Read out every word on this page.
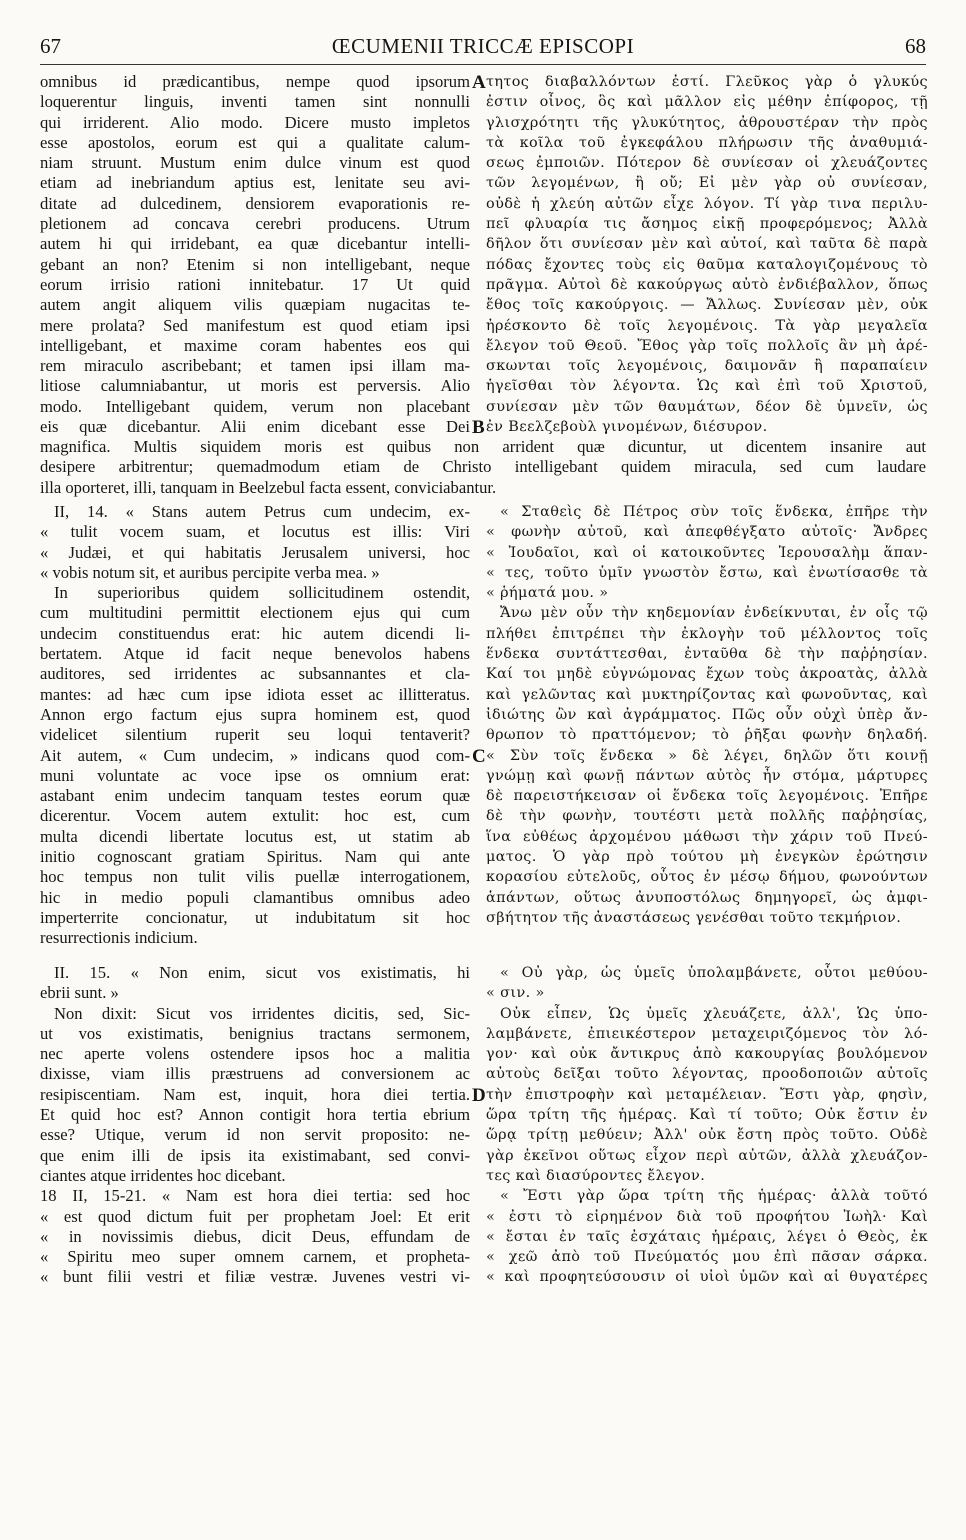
67	ŒCUMENII TRICCÆ EPISCOPI	68
omnibus id prædicantibus, nempe quod ipsorum
loquerentur linguis, inventi tamen sint nonnulli
qui irriderent. Alio modo. Dicere musto impletos
esse apostolos, eorum est qui a qualitate calum-
niam struunt. Mustum enim dulce vinum est quod
etiam ad inebriandum aptius est, lenitate seu avi-
ditate ad dulcedinem, densiorem evaporationis re-
pletionem ad concava cerebri producens. Utrum
autem hi qui irridebant, ea quæ dicebantur intelli-
gebant an non? Etenim si non intelligebant, neque
eorum irrisio rationi innitebatur. 17 Ut quid
autem angit aliquem vilis quæpiam nugacitas te-
mere prolata? Sed manifestum est quod etiam ipsi
intelligebant, et maxime coram habentes eos qui
rem miraculo ascribebant; et tamen ipsi illam ma-
litiose calumniabantur, ut moris est perversis. Alio
modo. Intelligebant quidem, verum non placebant
eis quæ dicebantur. Alii enim dicebant esse Dei
τητος διαβαλλόντων ἐστί. Γλεῦκος γὰρ ὁ γλυκύς
ἐστιν οἶνος, ὃς καὶ μᾶλλον εἰς μέθην ἐπίφορος, τῇ
γλισχρότητι τῆς γλυκύτητος, ἀθρουστέραν τὴν πρὸς
τὰ κοῖλα τοῦ ἐγκεφάλου πλήρωσιν τῆς ἀναθυμιά-
σεως ἐμποιῶν. Πότερον δὲ συνίεσαν οἱ χλευάζοντες
τῶν λεγομένων, ἢ οὔ; Εἰ μὲν γὰρ οὐ συνίεσαν,
οὐδὲ ἡ χλεύη αὐτῶν εἶχε λόγον. Τί γὰρ τινα περιλυ-
πεῖ φλυαρία τις ἄσημος εἰκῇ προφερόμενος; Ἀλλὰ
δῆλον ὅτι συνίεσαν μὲν καὶ αὐτοί, καὶ ταῦτα δὲ παρὰ
πόδας ἔχοντες τοὺς εἰς θαῦμα καταλογιζομένους τὸ
πρᾶγμα. Αὐτοὶ δὲ κακούργως αὐτὸ ἐνδιέβαλλον, ὅπως
ἔθος τοῖς κακούργοις. — Ἄλλως. Συνίεσαν μὲν, οὐκ
ἠρέσκοντο δὲ τοῖς λεγομένοις. Τὰ γὰρ μεγαλεῖα
ἔλεγον τοῦ Θεοῦ. Ἔθος γὰρ τοῖς πολλοῖς ἂν μὴ ἀρέ-
σκωνται τοῖς λεγομένοις, δαιμονᾶν ἢ παραπαίειν
ἡγεῖσθαι τὸν λέγοντα. Ὡς καὶ ἐπὶ τοῦ Χριστοῦ,
συνίεσαν μὲν τῶν θαυμάτων, δέον δὲ ὑμνεῖν, ὡς
ἐν Βεελζεβοὺλ γινομένων, διέσυρον.
magnifica. Multis siquidem moris est quibus non arrident quæ dicuntur, ut dicentem insanire aut
desipere arbitrentur; quemadmodum etiam de Christo intelligebant quidem miracula, sed cum laudare
illa oporteret, illi, tanquam in Beelzebul facta essent, conviciabantur.
II, 14. « Stans autem Petrus cum undecim, ex-
« tulit vocem suam, et locutus est illis: Viri
« Judæi, et qui habitatis Jerusalem universi, hoc
« vobis notum sit, et auribus percipite verba mea. »
In superioribus quidem sollicitudinem ostendit,
cum multitudini permittit electionem ejus qui cum
undecim constituendus erat: hic autem dicendi li-
bertatem. Atque id facit neque benevolos habens
auditores, sed irridentes ac subsannantes et cla-
mantes: ad hæc cum ipse idiota esset ac illitteratus.
Annon ergo factum ejus supra hominem est, quod
videlicet silentium ruperit seu loqui tentaverit?
Ait autem, « Cum undecim, » indicans quod com-
muni voluntate ac voce ipse os omnium erat:
astabant enim undecim tanquam testes eorum quæ
dicerentur. Vocem autem extulit: hoc est, cum
multa dicendi libertate locutus est, ut statim ab
initio cognoscant gratiam Spiritus. Nam qui ante
hoc tempus non tulit vilis puellæ interrogationem,
hic in medio populi clamantibus omnibus adeo
imperterrite concionatur, ut indubitatum sit hoc
resurrectionis indicium.
« Σταθεὶς δὲ Πέτρος σὺν τοῖς ἕνδεκα, ἐπῆρε τὴν
« φωνὴν αὐτοῦ, καὶ ἀπεφθέγξατο αὐτοῖς· Ἄνδρες
« Ἰουδαῖοι, καὶ οἱ κατοικοῦντες Ἱερουσαλὴμ ἅπαν-
« τες, τοῦτο ὑμῖν γνωστὸν ἔστω, καὶ ἐνωτίσασθε τὰ
« ῥήματά μου. »
Ἄνω μὲν οὖν τὴν κηδεμονίαν ἐνδείκνυται, ἐν οἷς τῷ
πλήθει ἐπιτρέπει τὴν ἐκλογὴν τοῦ μέλλοντος τοῖς
ἕνδεκα συντάττεσθαι, ἐνταῦθα δὲ τὴν παῤῥησίαν.
Καί τοι μηδὲ εὐγνώμονας ἔχων τοὺς ἀκροατὰς, ἀλλὰ
καὶ γελῶντας καὶ μυκτηρίζοντας καὶ φωνοῦντας, καὶ
ἰδιώτης ὢν καὶ ἀγράμματος. Πῶς οὖν οὐχὶ ὑπὲρ ἄν-
θρωπον τὸ πραττόμενον; τὸ ῥῆξαι φωνὴν δηλαδή.
« Σὺν τοῖς ἕνδεκα » δὲ λέγει, δηλῶν ὅτι κοινῇ
γνώμῃ καὶ φωνῇ πάντων αὐτὸς ἦν στόμα, μάρτυρες
δὲ παρειστήκεισαν οἱ ἕνδεκα τοῖς λεγομένοις. Ἐπῆρε
δὲ τὴν φωνὴν, τουτέστι μετὰ πολλῆς παῤῥησίας,
ἵνα εὐθέως ἀρχομένου μάθωσι τὴν χάριν τοῦ Πνεύ-
ματος. Ὁ γὰρ πρὸ τούτου μὴ ἐνεγκὼν ἐρώτησιν
κορασίου εὐτελοῦς, οὗτος ἐν μέσῳ δήμου, φωνούντων
ἁπάντων, οὕτως ἀνυποστόλως δημηγορεῖ, ὡς ἀμφι-
σβήτητον τῆς ἀναστάσεως γενέσθαι τοῦτο τεκμήριον.
II. 15. « Non enim, sicut vos existimatis, hi
ebrii sunt. »
Non dixit: Sicut vos irridentes dicitis, sed, Sic-
ut vos existimatis, benignius tractans sermonem,
nec aperte volens ostendere ipsos hoc a malitia
dixisse, viam illis præstruens ad conversionem ac
resipiscentiam. Nam est, inquit, hora diei tertia.
Et quid hoc est? Annon contigit hora tertia ebrium
esse? Utique, verum id non servit proposito: ne-
que enim illi de ipsis ita existimabant, sed convi-
ciantes atque irridentes hoc dicebant.
18 II, 15-21. « Nam est hora diei tertia: sed hoc
« est quod dictum fuit per prophetam Joel: Et erit
« in novissimis diebus, dicit Deus, effundam de
« Spiritu meo super omnem carnem, et propheta-
« bunt filii vestri et filiæ vestræ. Juvenes vestri vi-
« Οὐ γὰρ, ὡς ὑμεῖς ὑπολαμβάνετε, οὗτοι μεθύου-
« σιν. »
Οὐκ εἶπεν, Ὡς ὑμεῖς χλευάζετε, ἀλλ', Ὡς ὑπο-
λαμβάνετε, ἐπιεικέστερον μεταχειριζόμενος τὸν λό-
γον· καὶ οὐκ ἄντικρυς ἀπὸ κακουργίας βουλόμενον
αὐτοὺς δεῖξαι τοῦτο λέγοντας, προοδοποιῶν αὐτοῖς
τὴν ἐπιστροφὴν καὶ μεταμέλειαν. Ἔστι γὰρ, φησὶν,
ὥρα τρίτη τῆς ἡμέρας. Καὶ τί τοῦτο; Οὐκ ἔστιν ἐν
ὥρᾳ τρίτῃ μεθύειν; Ἀλλ' οὐκ ἔστη πρὸς τοῦτο. Οὐδὲ
γὰρ ἐκεῖνοι οὕτως εἶχον περὶ αὐτῶν, ἀλλὰ χλευάζον-
τες καὶ διασύροντες ἔλεγον.
« Ἔστι γὰρ ὥρα τρίτη τῆς ἡμέρας· ἀλλὰ τοῦτό
« ἐστι τὸ εἰρημένον διὰ τοῦ προφήτου Ἰωὴλ· Καὶ
« ἔσται ἐν ταῖς ἐσχάταις ἡμέραις, λέγει ὁ Θεὸς, ἐκ
« χεῶ ἀπὸ τοῦ Πνεύματός μου ἐπὶ πᾶσαν σάρκα.
« καὶ προφητεύσουσιν οἱ υἱοὶ ὑμῶν καὶ αἱ θυγατέρες
A
B
C
D
